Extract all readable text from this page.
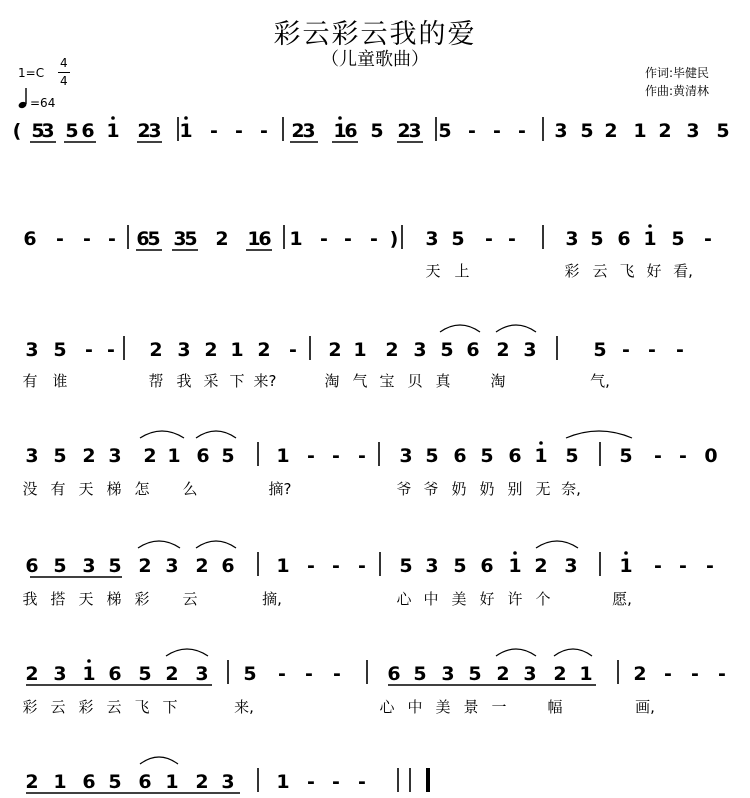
彩云彩云我的爱
（儿童歌曲）
1=C
4
4
=64
作词:毕健民
作曲:黄清林
( 5
3 5 6 1 2
3 1 - - - 2
3 1
6 5 2
3 5 - - - 3 5 2 1 2 3 5
6 - - - 6
5 3
5 2 1
6 1 - - - ) 3 5 - -	3 5 6 1 5 -
天 上	彩 云 飞 好 看,
3 5 - - 2 3 2 1 2 - 2 1 2 3 5 6 2 3	5 - - -
有 谁	帮 我 采 下 来?	淘 气 宝 贝 真	淘	气,
3 5 2 3 2 1 6 5 1 - - - 3 5 6 5 6 1 5 5 - - 0
没 有 天 梯 怎 么	摘?	爷 爷 奶 奶 别 无 奈,
6 5 3 5 2 3 2 6 1 - - - 5 3 5 6 1 2 3 1 - - -
我 搭 天 梯 彩 云	摘,	心 中 美 好 许 个	愿,
2 3 1 6 5 2 3 5 - - - 6 5 3 5 2 3 2 1 2 - - -
彩 云 彩 云 飞 下	来,	心 中 美 景 一	幅	画,
2 1 6 5 6 1 2 3 1 - - -
